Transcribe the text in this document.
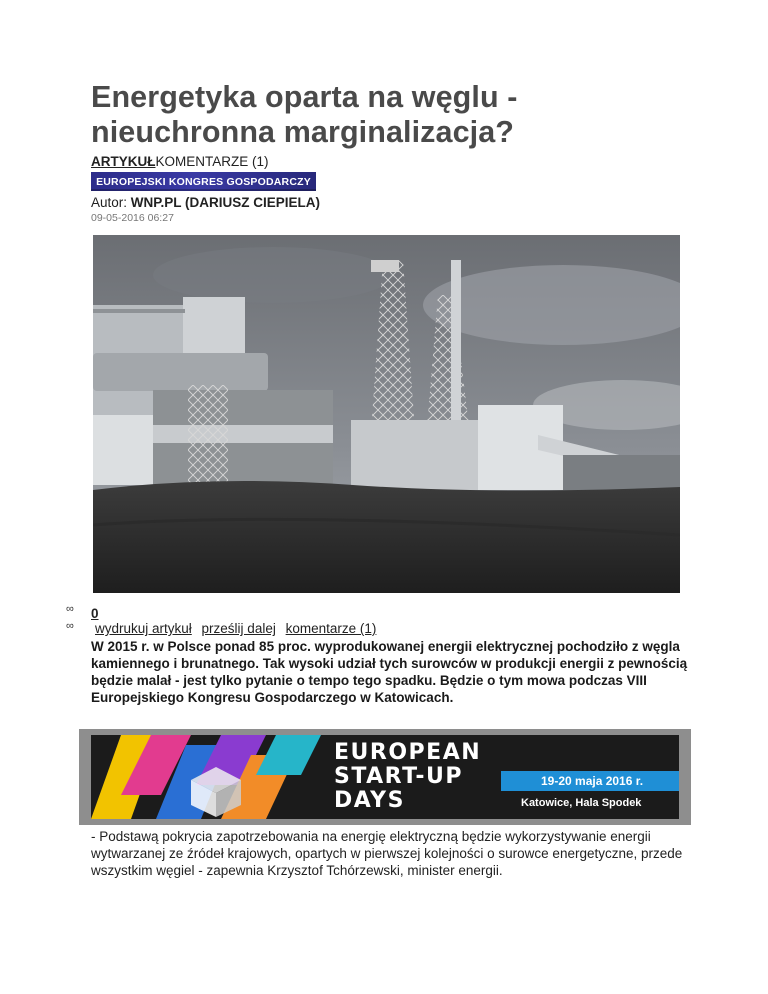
Energetyka oparta na węglu - nieuchronna marginalizacja?
ARTYKUŁKOMENTARZE (1)
EUROPEJSKI KONGRES GOSPODARCZY
Autor: WNP.PL (DARIUSZ CIEPIELA)
09-05-2016 06:27
∞ 0
∞ wydrukuj artykuł prześlij dalej komentarze (1)

W 2015 r. w Polsce ponad 85 proc. wyprodukowanej energii elektrycznej pochodziło z węgla kamiennego i brunatnego. Tak wysoki udział tych surowców w produkcji energii z pewnością będzie malał - jest tylko pytanie o tempo tego spadku. Będzie o tym mowa podczas VIII Europejskiego Kongresu Gospodarczego w Katowicach.

EUROPEAN
START-UP
DAYS
19-20 maja 2016 r.
Katowice, Hala Spodek

- Podstawą pokrycia zapotrzebowania na energię elektryczną będzie wykorzystywanie energii wytwarzanej ze źródeł krajowych, opartych w pierwszej kolejności o surowce energetyczne, przede wszystkim węgiel - zapewnia Krzysztof Tchórzewski, minister energii.
